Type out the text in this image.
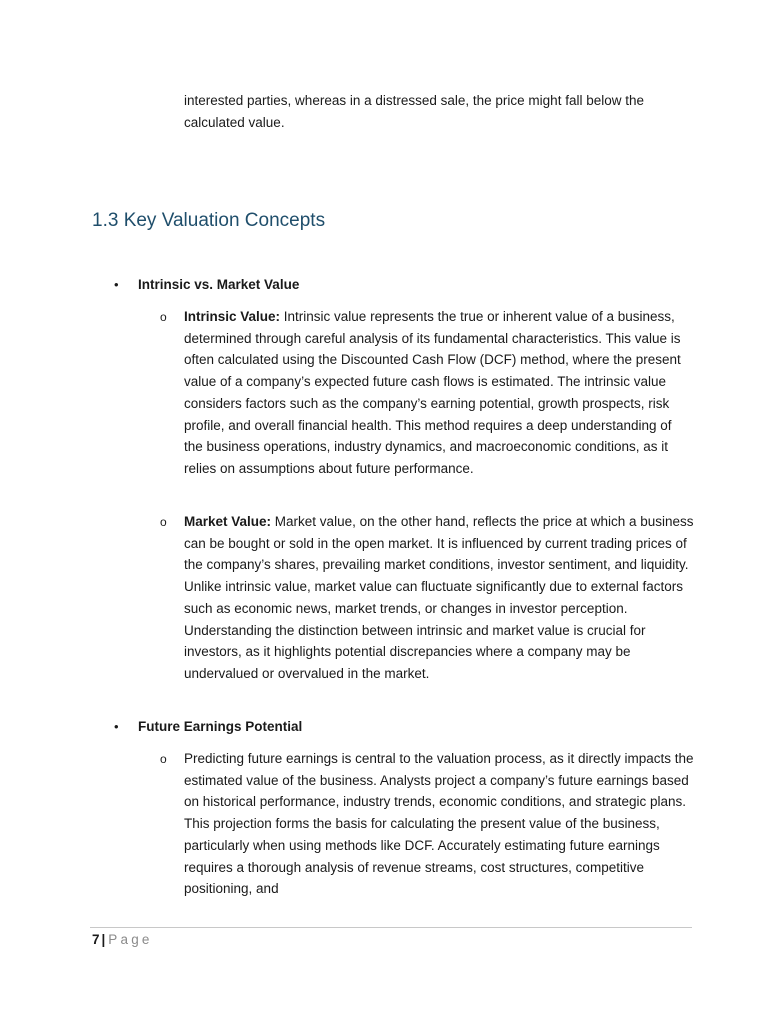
interested parties, whereas in a distressed sale, the price might fall below the calculated value.

1.3 Key Valuation Concepts
• Intrinsic vs. Market Value
o Intrinsic Value: Intrinsic value represents the true or inherent value of a business, determined through careful analysis of its fundamental characteristics. This value is often calculated using the Discounted Cash Flow (DCF) method, where the present value of a company’s expected future cash flows is estimated. The intrinsic value considers factors such as the company’s earning potential, growth prospects, risk profile, and overall financial health. This method requires a deep understanding of the business operations, industry dynamics, and macroeconomic conditions, as it relies on assumptions about future performance.

o Market Value: Market value, on the other hand, reflects the price at which a business can be bought or sold in the open market. It is influenced by current trading prices of the company’s shares, prevailing market conditions, investor sentiment, and liquidity. Unlike intrinsic value, market value can fluctuate significantly due to external factors such as economic news, market trends, or changes in investor perception. Understanding the distinction between intrinsic and market value is crucial for investors, as it highlights potential discrepancies where a company may be undervalued or overvalued in the market.

• Future Earnings Potential
o Predicting future earnings is central to the valuation process, as it directly impacts the estimated value of the business. Analysts project a company’s future earnings based on historical performance, industry trends, economic conditions, and strategic plans. This projection forms the basis for calculating the present value of the business, particularly when using methods like DCF. Accurately estimating future earnings requires a thorough analysis of revenue streams, cost structures, competitive positioning, and

7 | Page
